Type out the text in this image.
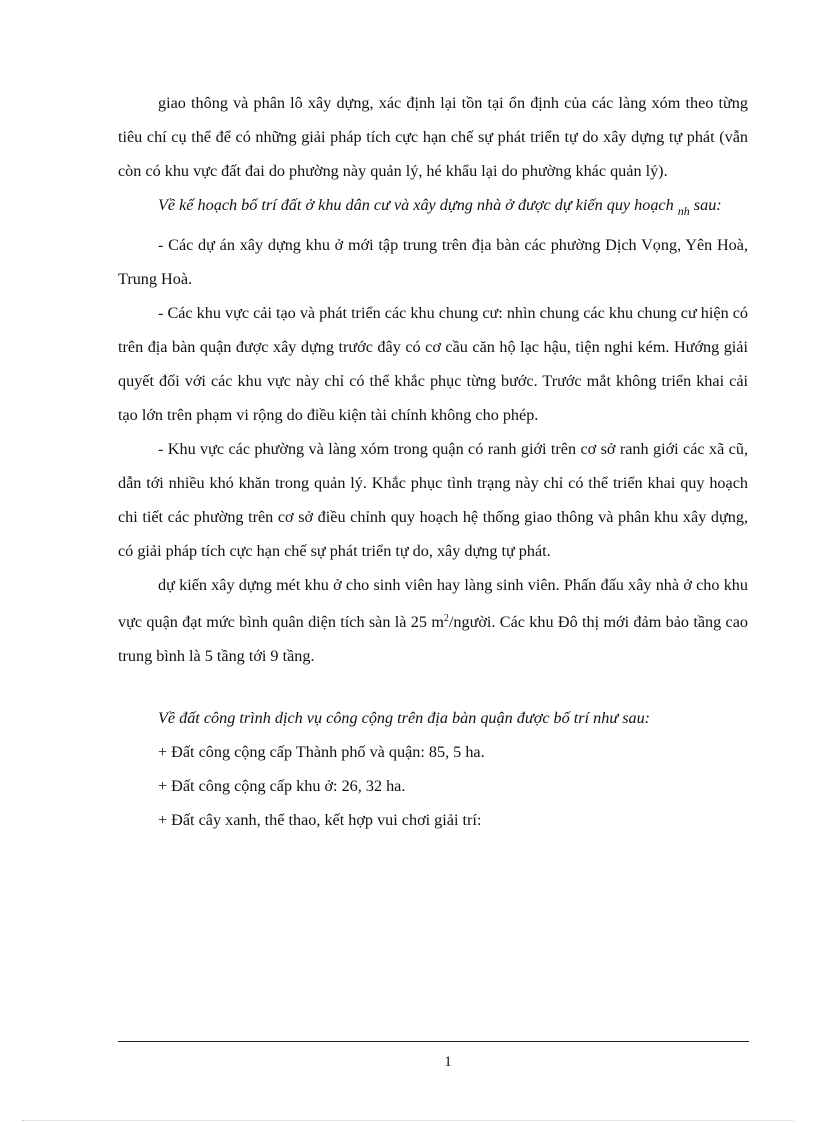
giao thông và phân lô xây dựng, xác định lại tồn tại ổn định của các làng xóm theo từng tiêu chí cụ thể để có những giải pháp tích cực hạn chế sự phát triển tự do xây dựng tự phát (vẫn còn có khu vực đất đai do phường này quản lý, hé khẩu lại do phường khác quản lý).

Về kế hoạch bố trí đất ở khu dân cư và xây dựng nhà ở được dự kiến quy hoạch $_{nh}$ sau:

- Các dự án xây dựng khu ở mới tập trung trên địa bàn các phường Dịch Vọng, Yên Hoà, Trung Hoà.

- Các khu vực cải tạo và phát triển các khu chung cư: nhìn chung các khu chung cư hiện có trên địa bàn quận được xây dựng trước đây có cơ cầu căn hộ lạc hậu, tiện nghi kém. Hướng giải quyết đối với các khu vực này chỉ có thể khắc phục từng bước. Trước mắt không triển khai cải tạo lớn trên phạm vi rộng do điều kiện tài chính không cho phép.

- Khu vực các phường và làng xóm trong quận có ranh giới trên cơ sở ranh giới các xã cũ, dẫn tới nhiều khó khăn trong quản lý. Khắc phục tình trạng này chỉ có thể triển khai quy hoạch chi tiết các phường trên cơ sở điều chỉnh quy hoạch hệ thống giao thông và phân khu xây dựng, có giải pháp tích cực hạn chế sự phát triển tự do, xây dựng tự phát.

dự kiến xây dựng mét khu ở cho sinh viên hay làng sinh viên. Phấn đấu xây nhà ở cho khu vực quận đạt mức bình quân diện tích sàn là 25 $m^2$/người. Các khu Đô thị mới đảm bảo tầng cao trung bình là 5 tầng tới 9 tầng.

Về đất công trình dịch vụ công cộng trên địa bàn quận được bố trí như sau:

+ Đất công cộng cấp Thành phố và quận: 85, 5 ha.

+ Đất công cộng cấp khu ở: 26, 32 ha.

+ Đất cây xanh, thể thao, kết hợp vui chơi giải trí:

1
